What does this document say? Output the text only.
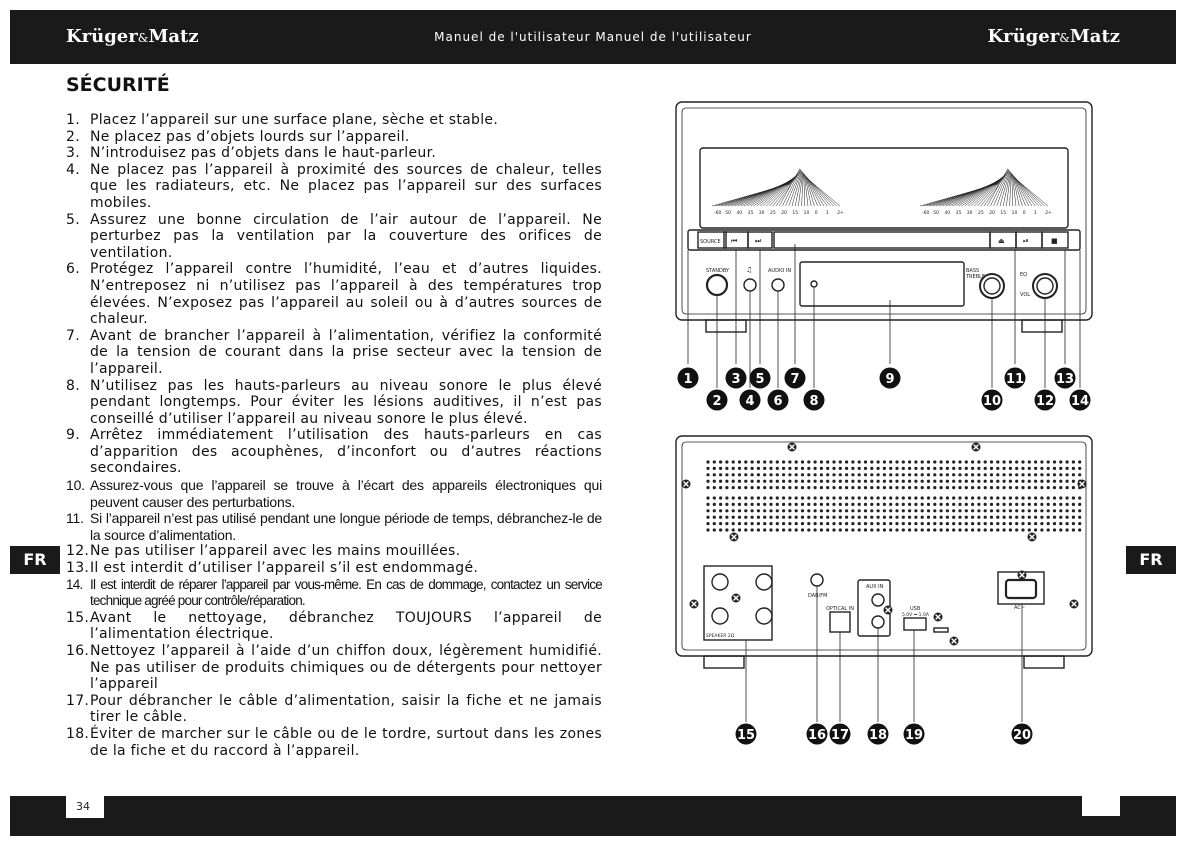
Krüger&Matz	Manuel de l'utilisateur Manuel de l'utilisateur	Krüger&Matz
SÉCURITÉ
1. Placez l’appareil sur une surface plane, sèche et stable.
2. Ne placez pas d’objets lourds sur l’appareil.
3. N’introduisez pas d’objets dans le haut-parleur.
4. Ne placez pas l’appareil à proximité des sources de chaleur, telles que les radiateurs, etc. Ne placez pas l’appareil sur des surfaces mobiles.
5. Assurez une bonne circulation de l’air autour de l’appareil. Ne perturbez pas la ventilation par la couverture des orifices de ventilation.
6. Protégez l’appareil contre l’humidité, l’eau et d’autres liquides. N’entreposez ni n’utilisez pas l’appareil à des températures trop élevées. N’exposez pas l’appareil au soleil ou à d’autres sources de chaleur.
7. Avant de brancher l’appareil à l’alimentation, vérifiez la conformité de la tension de courant dans la prise secteur avec la tension de l’appareil.
8. N’utilisez pas les hauts-parleurs au niveau sonore le plus élevé pendant longtemps. Pour éviter les lésions auditives, il n’est pas conseillé d’utiliser l’appareil au niveau sonore le plus élevé.
9. Arrêtez immédiatement l’utilisation des hauts-parleurs en cas d’apparition des acouphènes, d’inconfort ou d’autres réactions secondaires.
10. Assurez-vous que l’appareil se trouve à l’écart des appareils électroniques qui peuvent causer des perturbations.
11. Si l’appareil n’est pas utilisé pendant une longue période de temps, débranchez-le de la source d’alimentation.
12. Ne pas utiliser l’appareil avec les mains mouillées.
13. Il est interdit d’utiliser l’appareil s’il est endommagé.
14. Il est interdit de réparer l’appareil par vous-même. En cas de dommage, contactez un service technique agréé pour contrôle/réparation.
15. Avant le nettoyage, débranchez TOUJOURS l’appareil de l’alimentation électrique.
16. Nettoyez l’appareil à l’aide d’un chiffon doux, légèrement humidifié. Ne pas utiliser de produits chimiques ou de détergents pour nettoyer l’appareil
17. Pour débrancher le câble d’alimentation, saisir la fiche et ne jamais tirer le câble.
18. Éviter de marcher sur le câble ou de le tordre, surtout dans les zones de la fiche et du raccord à l’appareil.
FR	FR
34
SOURCE ⏮	⏭	⏏	⏯	■
STANDBY ♫	AUDIO IN	BASS
TREBLE	EQ
VOL
-60 50 40 35 30 25 20 15 10 0 1 2+	-60 50 40 35 30 25 20 15 10 0 1 2+
SPEAKER 2Ω
DAB/FM
OPTICAL IN
AUX IN
USB
5.0V ⎓ 1.0A
AC~
1
2
3
4
5
6
7
8
9
10
11
12
13
14
15	16 17 18 19	20
